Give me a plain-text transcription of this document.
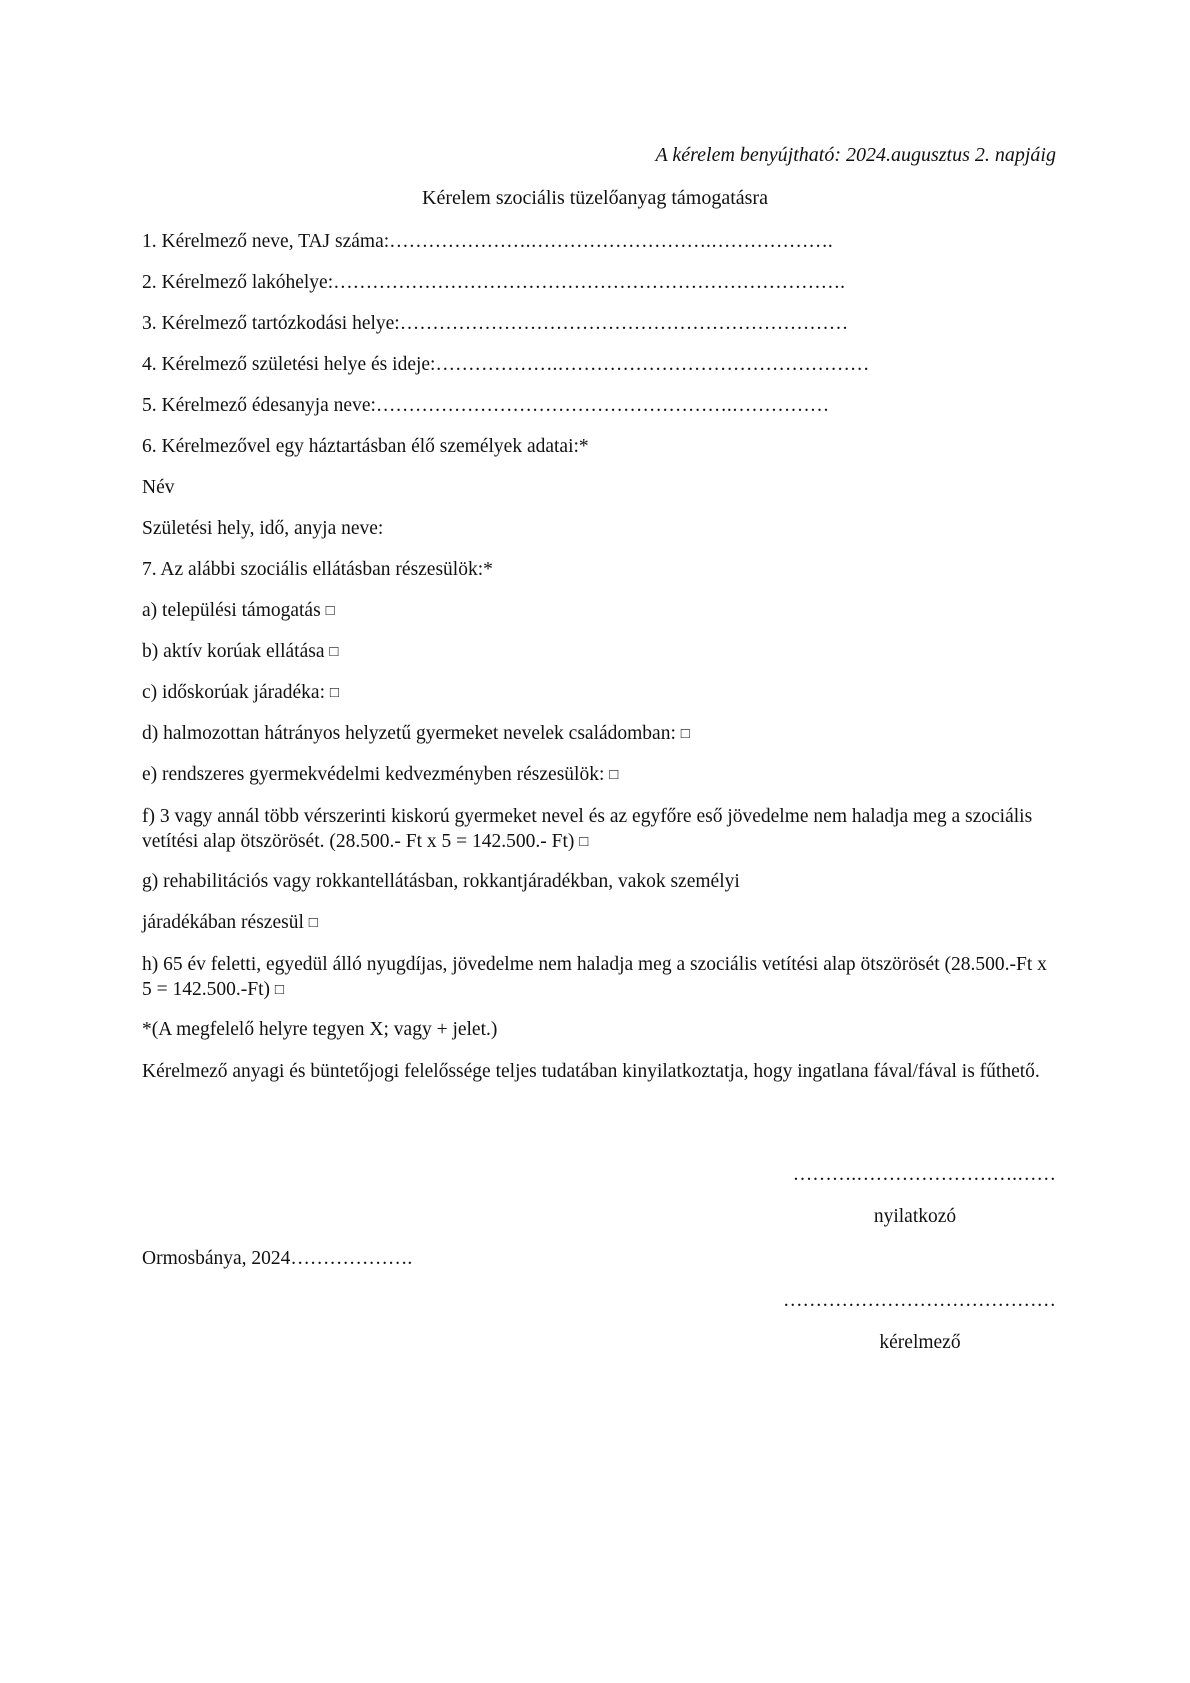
A kérelem benyújtható: 2024.augusztus 2. napjáig
Kérelem szociális tüzelőanyag támogatásra
1. Kérelmező neve, TAJ száma:………………….……………………….……………….
2. Kérelmező lakóhelye:…………………………………………………………………….
3. Kérelmező tartózkodási helye:……………………………………………………………
4. Kérelmező születési helye és ideje:……………….…………………………………………
5. Kérelmező édesanyja neve:……………………………………………….……………
6. Kérelmezővel egy háztartásban élő személyek adatai:*
Név
Születési hely, idő, anyja neve:
7. Az alábbi szociális ellátásban részesülök:*
a) települési támogatás □
b) aktív korúak ellátása □
c) időskorúak járadéka: □
d) halmozottan hátrányos helyzetű gyermeket nevelek családomban: □
e) rendszeres gyermekvédelmi kedvezményben részesülök: □
f) 3 vagy annál több vérszerinti kiskorú gyermeket nevel és az egyfőre eső jövedelme nem haladja meg a szociális vetítési alap ötszörösét. (28.500.- Ft x 5 = 142.500.- Ft) □
g) rehabilitációs vagy rokkantellátásban, rokkantjáradékban, vakok személyi
járadékában részesül □
h) 65 év feletti, egyedül álló nyugdíjas, jövedelme nem haladja meg a szociális vetítési alap ötszörösét (28.500.-Ft x 5 = 142.500.-Ft) □
*(A megfelelő helyre tegyen X; vagy + jelet.)
Kérelmező anyagi és büntetőjogi felelőssége teljes tudatában kinyilatkoztatja, hogy ingatlana fával/fával is fűthető.
……….…………………….……
nyilatkozó
Ormosbánya, 2024……………….
……………………………………
kérelmező
